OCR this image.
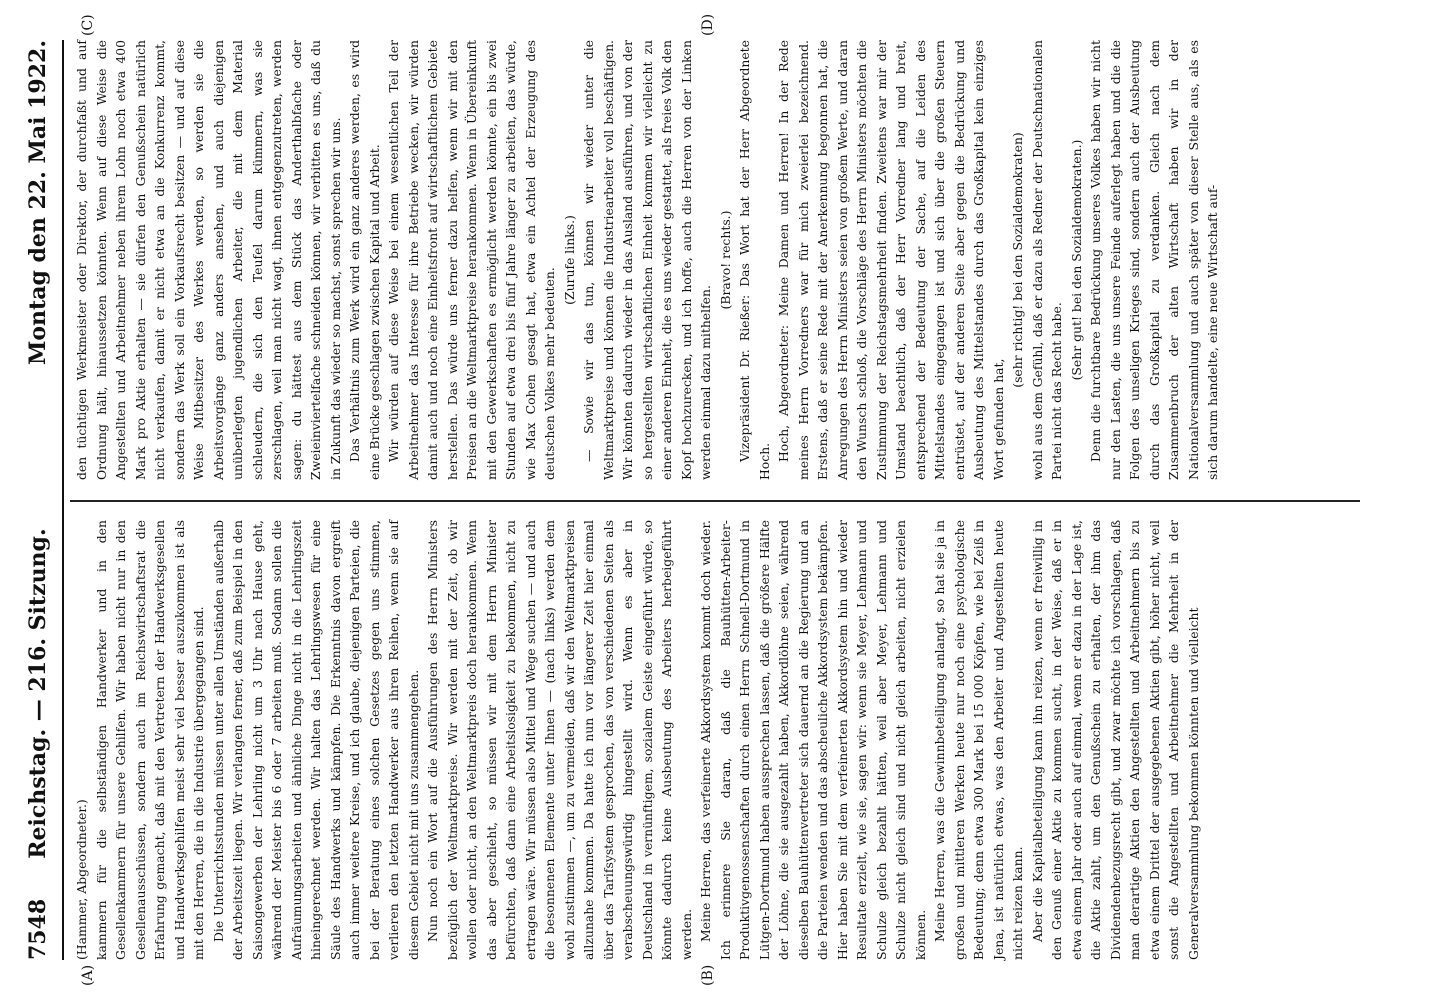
7548
Reichstag. — 216. Sitzung.
Montag den 22. Mai 1922.

(Hammer, Abgeordneter.) kammern für die selbständigen Handwerker und in den Gesellenkammern für unsere Gehilfen. Wir haben nicht nur in den Gesellenausschüssen, sondern auch im Reichswirtschaftsrat die Erfahrung gemacht, daß mit den Vertretern der Handwerksgesellen und Handwerksgehilfen meist sehr viel besser auszukommen ist als mit den Herren, die in die Industrie übergegangen sind. Die Unterrichtsstunden müssen unter allen Umständen außerhalb der Arbeitszeit liegen. Wir verlangen ferner, daß zum Beispiel in den Saisongewerben der Lehrling nicht um 3 Uhr nach Hause geht, während der Meister bis 6 oder 7 arbeiten muß. Sodann sollen die Aufräumungsarbeiten und ähnliche Dinge nicht in die Lehrlingszeit hineingerechnet werden. Wir halten das Lehrlingswesen für eine Säule des Handwerks und kämpfen. Die Erkenntnis davon ergreift auch immer weitere Kreise, und ich glaube, diejenigen Parteien, die bei der Beratung eines solchen Gesetzes gegen uns stimmen, verlieren den letzten Handwerker aus ihren Reihen, wenn sie auf diesem Gebiet nicht mit uns zusammengehen. Nun noch ein Wort auf die Ausführungen des Herrn Ministers bezüglich der Weltmarktpreise. Wir werden mit der Zeit, ob wir wollen oder nicht, an den Weltmarktpreis doch herankommen. Wenn das aber geschieht, so müssen wir mit dem Herrn Minister befürchten, daß dann eine Arbeitslosigkeit zu bekommen, nicht zu ertragen wäre. Wir müssen also Mittel und Wege suchen — und auch die besonnenen Elemente unter Ihnen — (nach links) werden dem wohl zustimmen —, um zu vermeiden, daß wir den Weltmarktpreisen allzunahe kommen. Da hatte ich nun vor längerer Zeit hier einmal über das Tarifsystem gesprochen, das von verschiedenen Seiten als verabscheuungswürdig hingestellt wird. Wenn es aber in Deutschland in vernünftigem, sozialem Geiste eingeführt würde, so könnte dadurch keine Ausbeutung des Arbeiters herbeigeführt werden. Meine Herren, das verfeinerte Akkordsystem kommt doch wieder. Ich erinnere Sie daran, daß die Bauhütten-Arbeiter-Produktivgenossenschaften durch einen Herrn Schnell-Dortmund in Lütgen-Dortmund haben aussprechen lassen, daß die größere Hälfte der Löhne, die sie ausgezahlt haben, Akkordlöhne seien, während dieselben Bauhüttenvertreter sich dauernd an die Regierung und an die Parteien wenden und das abscheuliche Akkordsystem bekämpfen. Hier haben Sie mit dem verfeinerten Akkordsystem hin und wieder Resultate erzielt, wie sie, sagen wir: wenn sie Meyer, Lehmann und Schulze gleich bezahlt hätten, weil aber Meyer, Lehmann und Schulze nicht gleich sind und nicht gleich arbeiten, nicht erzielen können. Meine Herren, was die Gewinnbeteiligung anlangt, so hat sie ja in großen und mittleren Werken heute nur noch eine psychologische Bedeutung; denn etwa 300 Mark bei 15 000 Köpfen, wie bei Zeiß in Jena, ist natürlich etwas, was den Arbeiter und Angestellten heute nicht reizen kann. Aber die Kapitalbeteiligung kann ihn reizen, wenn er freiwillig in den Genuß einer Aktie zu kommen sucht, in der Weise, daß er in etwa einem Jahr oder auch auf einmal, wenn er dazu in der Lage ist, die Aktie zahlt, um den Genußschein zu erhalten, der ihm das Dividendenbezugsrecht gibt, und zwar möchte ich vorschlagen, daß man derartige Aktien den Angestellten und Arbeitnehmern bis zu etwa einem Drittel der ausgegebenen Aktien gibt, höher nicht, weil sonst die Angestellten und Arbeitnehmer die Mehrheit in der Generalversammlung bekommen könnten und vielleicht

den tüchtigen Werkmeister oder Direktor, der durchfaßt und auf Ordnung hält, hinaussetzen könnten. Wenn auf diese Weise die Angestellten und Arbeitnehmer neben ihrem Lohn noch etwa 400 Mark pro Aktie erhalten — sie dürfen den Genußschein natürlich nicht verkaufen, damit er nicht etwa an die Konkurrenz kommt, sondern das Werk soll ein Vorkaufsrecht besitzen — und auf diese Weise Mitbesitzer des Werkes werden, so werden sie die Arbeitsvorgänge ganz anders ansehen, und auch diejenigen unüberlegten jugendlichen Arbeiter, die mit dem Material schleudern, die sich den Teufel darum kümmern, was sie zerschlagen, weil man nicht wagt, ihnen entgegenzutreten, werden sagen: du hättest aus dem Stück das Anderthalbfache oder Zweieinviertelfache schneiden können, wir verbitten es uns, daß du in Zukunft das wieder so machst, sonst sprechen wir uns. Das Verhältnis zum Werk wird ein ganz anderes werden, es wird eine Brücke geschlagen zwischen Kapital und Arbeit. Wir würden auf diese Weise bei einem wesentlichen Teil der Arbeitnehmer das Interesse für ihre Betriebe wecken, wir würden damit auch und noch eine Einheitsfront auf wirtschaftlichem Gebiete herstellen. Das würde uns ferner dazu helfen, wenn wir mit den Preisen an die Weltmarktpreise herankommen. Wenn in Übereinkunft mit den Gewerkschaften es ermöglicht werden könnte, ein bis zwei Stunden auf etwa drei bis fünf Jahre länger zu arbeiten, das würde, wie Max Cohen gesagt hat, etwa ein Achtel der Erzeugung des deutschen Volkes mehr bedeuten.

(Zurufe links.) — Sowie wir das tun, können wir wieder unter die Weltmarktpreise und können die Industriearbeiter voll beschäftigen. Wir könnten dadurch wieder in das Ausland ausführen, und von der so hergestellten wirtschaftlichen Einheit kommen wir vielleicht zu einer anderen Einheit, die es uns wieder gestattet, als freies Volk den Kopf hochzurecken, und ich hoffe, auch die Herren von der Linken werden einmal dazu mithelfen.

(Bravo! rechts.) Vizepräsident Dr. Rießer: Das Wort hat der Herr Abgeordnete Hoch. Hoch, Abgeordneter: Meine Damen und Herren! In der Rede meines Herrn Vorredners war für mich zweierlei bezeichnend. Erstens, daß er seine Rede mit der Anerkennung begonnen hat, die Anregungen des Herrn Ministers seien von großem Werte, und daran den Wunsch schloß, die Vorschläge des Herrn Ministers möchten die Zustimmung der Reichstagsmehrheit finden. Zweitens war mir der Umstand beachtlich, daß der Herr Vorredner lang und breit, entsprechend der Bedeutung der Sache, auf die Leiden des Mittelstandes eingegangen ist und sich über die großen Steuern entrüstet, auf der anderen Seite aber gegen die Bedrückung und Ausbeutung des Mittelstandes durch das Großkapital kein einziges Wort gefunden hat,

(sehr richtig! bei den Sozialdemokraten) wohl aus dem Gefühl, daß er dazu als Redner der Deutschnationalen Partei nicht das Recht habe.

(Sehr gut! bei den Sozialdemokraten.) Denn die furchtbare Bedrückung unseres Volkes haben wir nicht nur den Lasten, die uns unsere Feinde auferlegt haben und die die Folgen des unseligen Krieges sind, sondern auch der Ausbeutung durch das Großkapital zu verdanken. Gleich nach dem Zusammenbruch der alten Wirtschaft haben wir in der Nationalversammlung und auch später von dieser Stelle aus, als es sich darum handelte, eine neue Wirtschaft auf-

(A)	(B)
(C)	(D)
